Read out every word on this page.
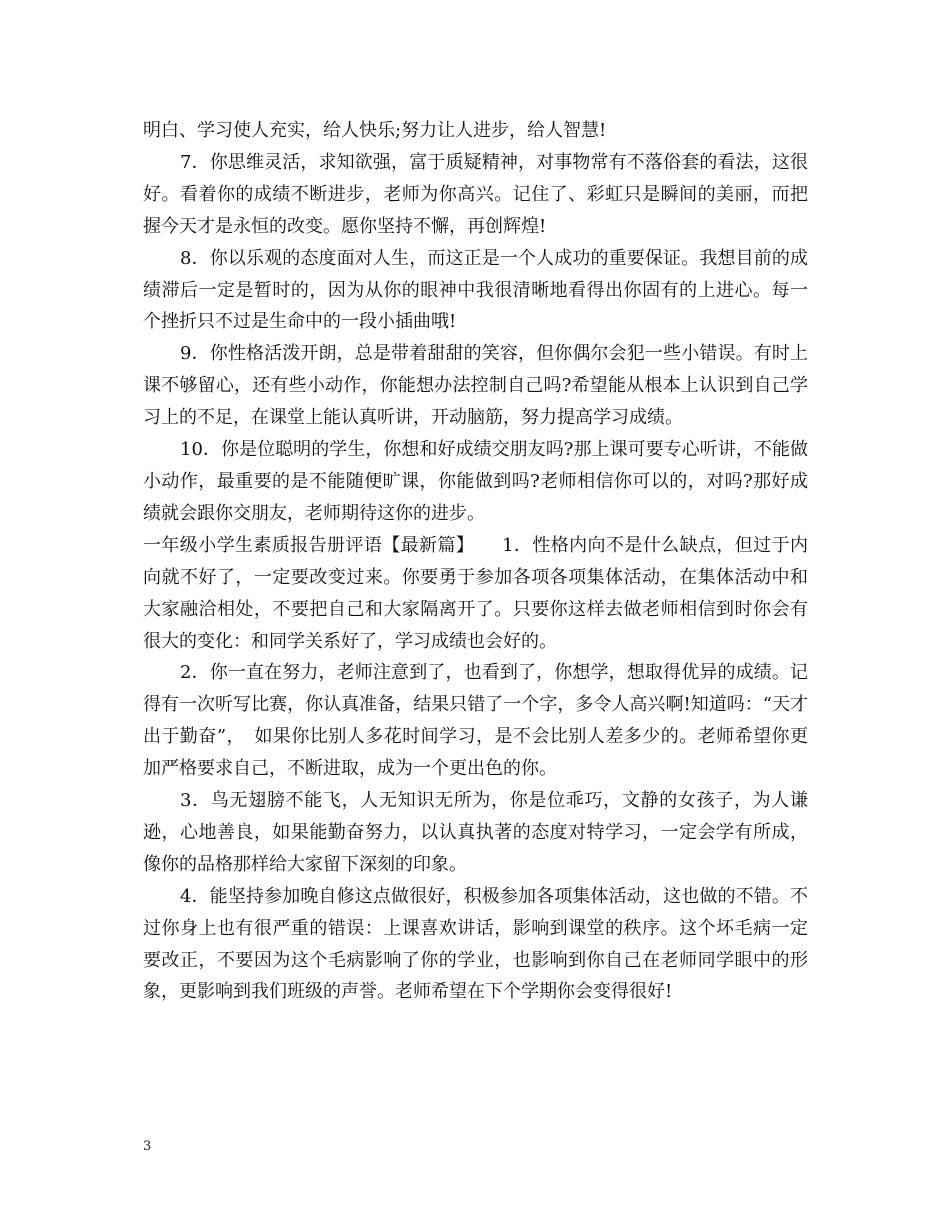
明白、学习使人充实，给人快乐;努力让人进步，给人智慧!

7．你思维灵活，求知欲强，富于质疑精神，对事物常有不落俗套的看法，这很好。看着你的成绩不断进步，老师为你高兴。记住了、彩虹只是瞬间的美丽，而把握今天才是永恒的改变。愿你坚持不懈，再创辉煌!

8．你以乐观的态度面对人生，而这正是一个人成功的重要保证。我想目前的成绩滞后一定是暂时的，因为从你的眼神中我很清晰地看得出你固有的上进心。每一个挫折只不过是生命中的一段小插曲哦!

9．你性格活泼开朗，总是带着甜甜的笑容，但你偶尔会犯一些小错误。有时上课不够留心，还有些小动作，你能想办法控制自己吗?希望能从根本上认识到自己学习上的不足，在课堂上能认真听讲，开动脑筋，努力提高学习成绩。

10．你是位聪明的学生，你想和好成绩交朋友吗?那上课可要专心听讲，不能做小动作，最重要的是不能随便旷课，你能做到吗?老师相信你可以的，对吗?那好成绩就会跟你交朋友，老师期待这你的进步。

一年级小学生素质报告册评语【最新篇】　　1．性格内向不是什么缺点，但过于内向就不好了，一定要改变过来。你要勇于参加各项各项集体活动，在集体活动中和大家融洽相处，不要把自己和大家隔离开了。只要你这样去做老师相信到时你会有很大的变化：和同学关系好了，学习成绩也会好的。

2．你一直在努力，老师注意到了，也看到了，你想学，想取得优异的成绩。记得有一次听写比赛，你认真准备，结果只错了一个字，多令人高兴啊!知道吗：“天才出于勤奋”，　如果你比别人多花时间学习，是不会比别人差多少的。老师希望你更加严格要求自己，不断进取，成为一个更出色的你。

3．鸟无翅膀不能飞，人无知识无所为，你是位乖巧，文静的女孩子，为人谦逊，心地善良，如果能勤奋努力，以认真执著的态度对特学习，一定会学有所成，像你的品格那样给大家留下深刻的印象。

4．能坚持参加晚自修这点做很好，积极参加各项集体活动，这也做的不错。不过你身上也有很严重的错误：上课喜欢讲话，影响到课堂的秩序。这个坏毛病一定要改正，不要因为这个毛病影响了你的学业，也影响到你自己在老师同学眼中的形象，更影响到我们班级的声誉。老师希望在下个学期你会变得很好!

3
